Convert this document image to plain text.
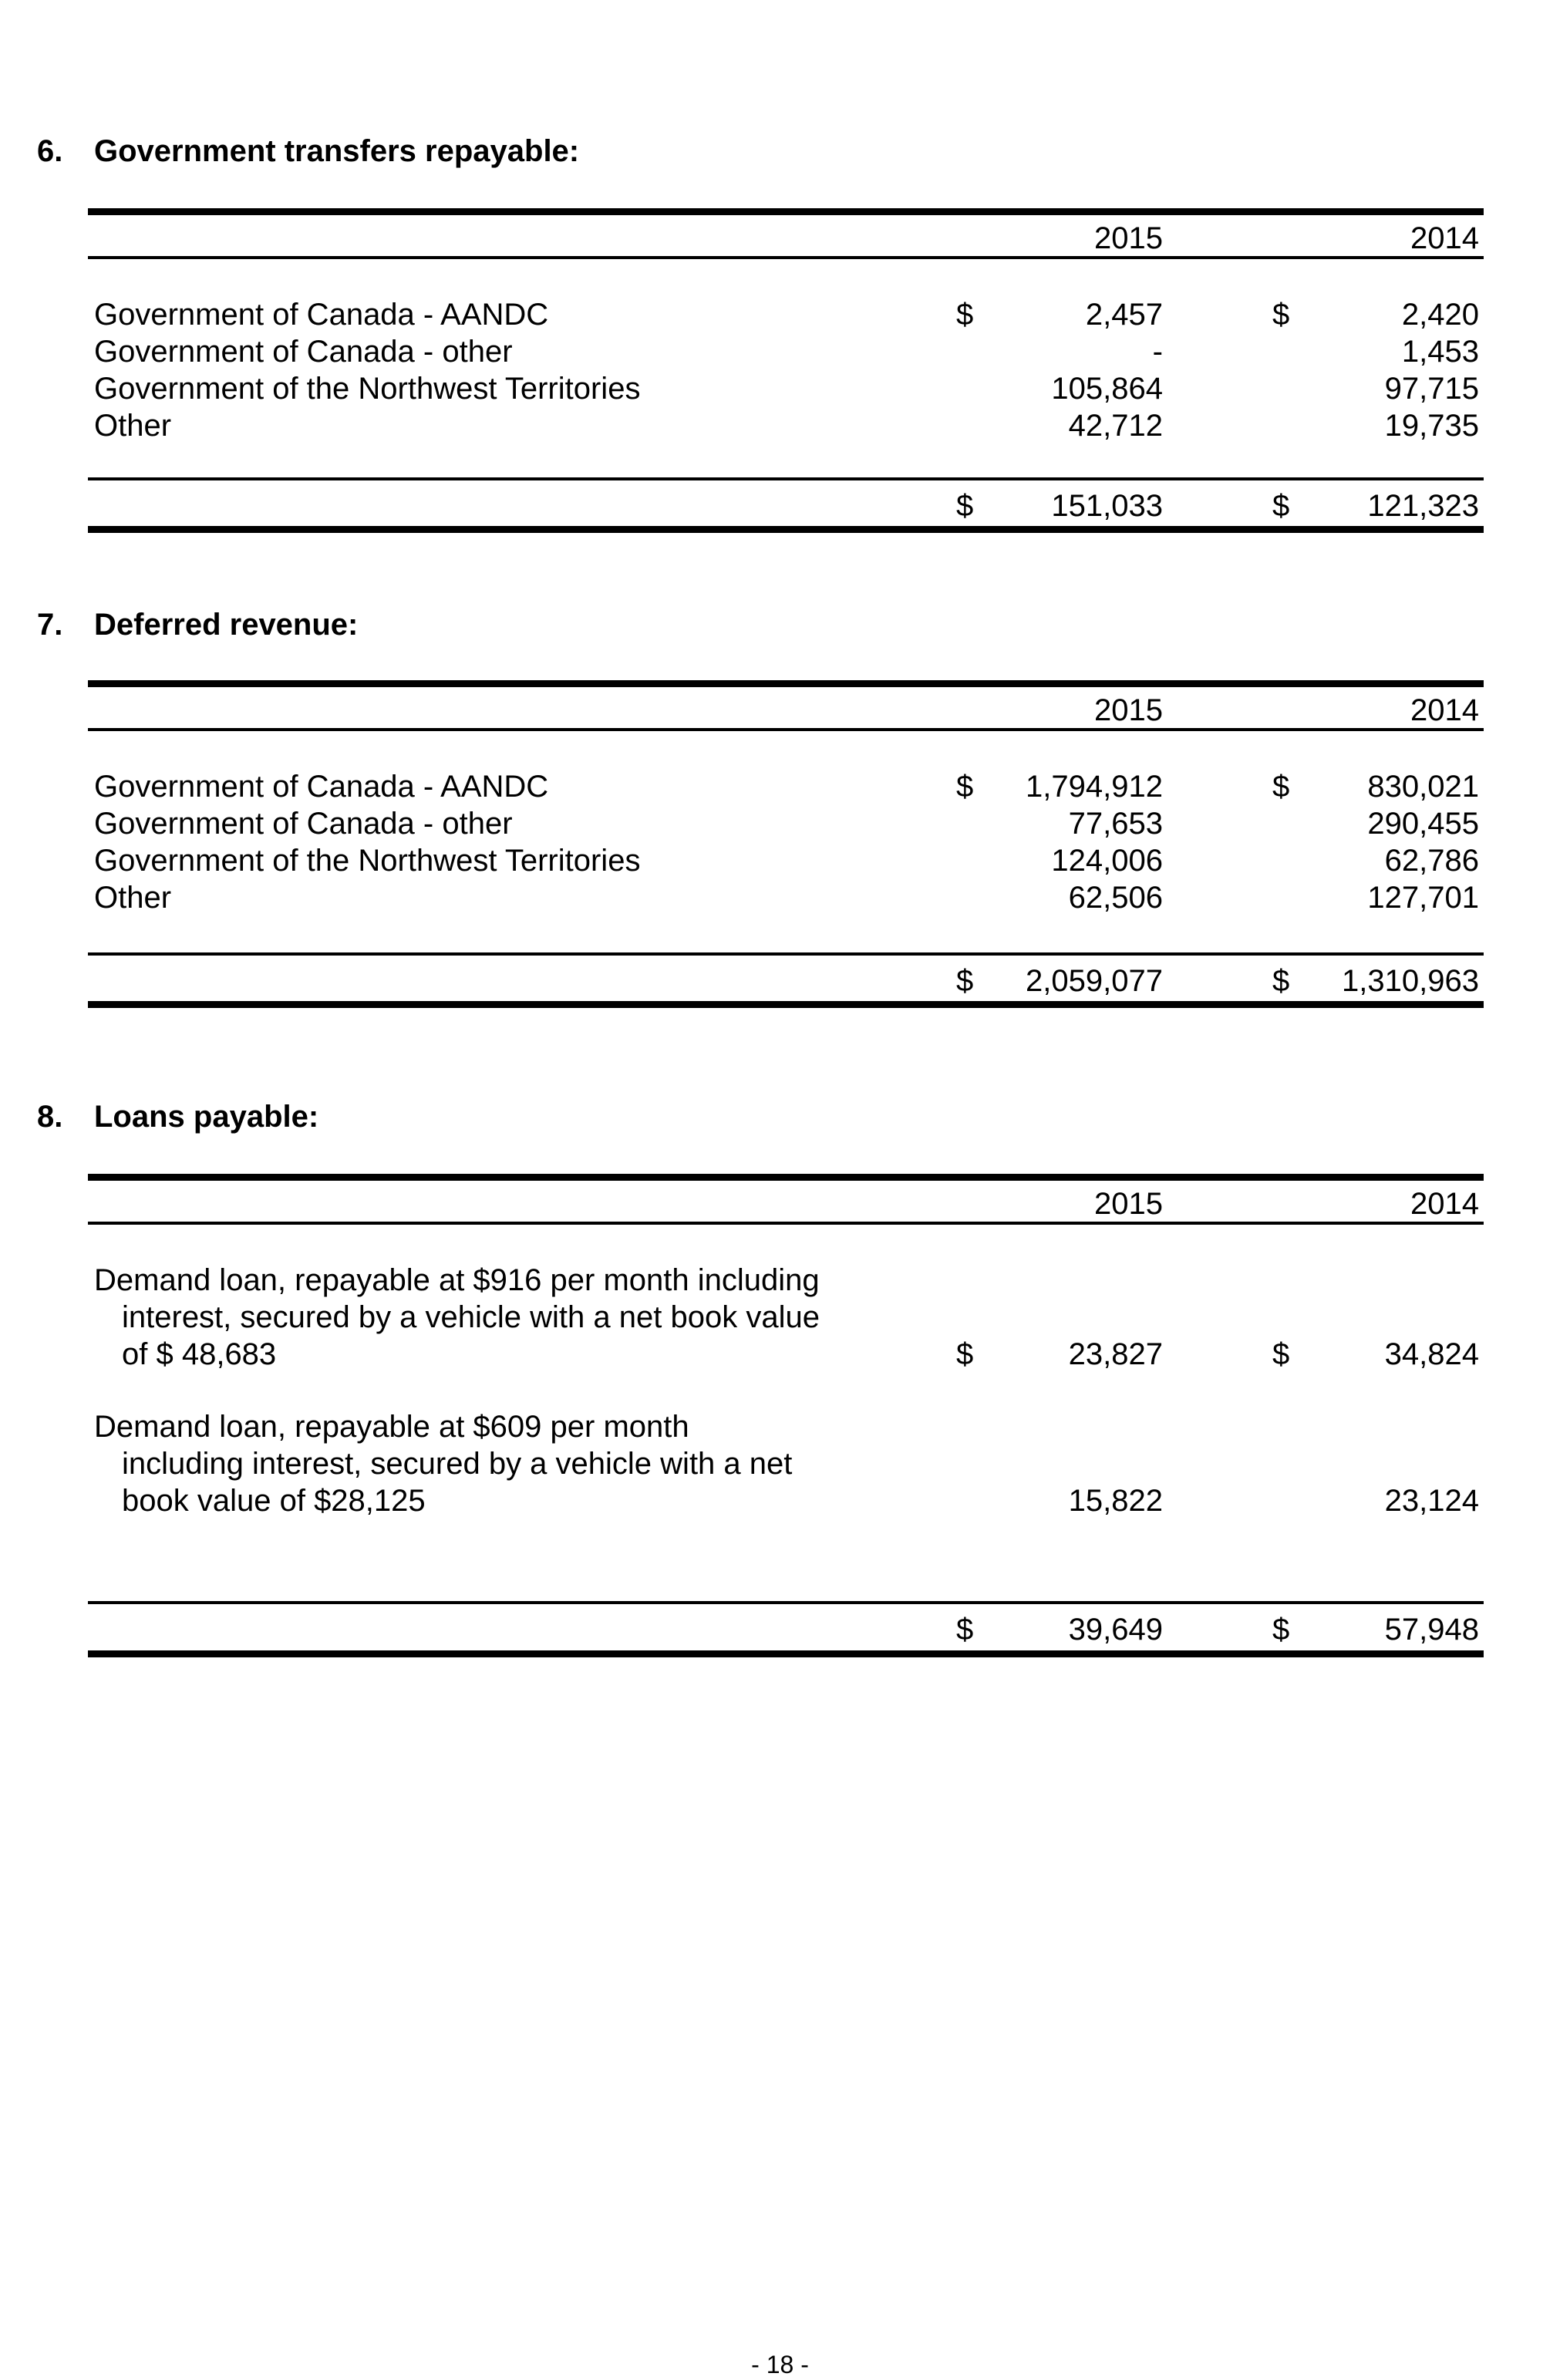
6. Government transfers repayable:
2015	2014
Government of Canada - AANDC	$	2,457	$	2,420
Government of Canada - other	-	1,453
Government of the Northwest Territories	105,864	97,715
Other	42,712	19,735
$	151,033	$	121,323
7. Deferred revenue:
2015	2014
Government of Canada - AANDC	$	1,794,912	$	830,021
Government of Canada - other	77,653	290,455
Government of the Northwest Territories	124,006	62,786
Other	62,506	127,701
$	2,059,077	$	1,310,963
8. Loans payable:
2015	2014
Demand loan, repayable at $916 per month including
interest, secured by a vehicle with a net book value
of $ 48,683	$	23,827	$	34,824
Demand loan, repayable at $609 per month
including interest, secured by a vehicle with a net
book value of $28,125	15,822	23,124
$	39,649	$	57,948
- 18 -
